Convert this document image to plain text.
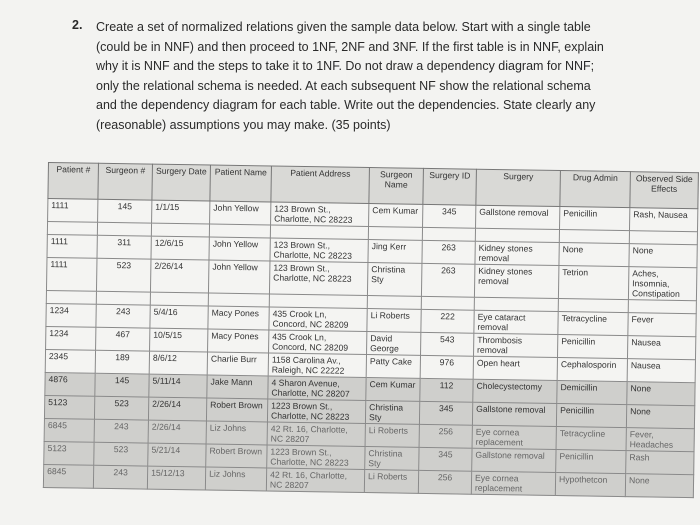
2. Create a set of normalized relations given the sample data below. Start with a single table
(could be in NNF) and then proceed to 1NF, 2NF and 3NF. If the first table is in NNF, explain
why it is NNF and the steps to take it to 1NF. Do not draw a dependency diagram for NNF;
only the relational schema is needed. At each subsequent NF show the relational schema
and the dependency diagram for each table. Write out the dependencies. State clearly any
(reasonable) assumptions you may make. (35 points)
Patient #	Surgeon #	Surgery Date	Patient Name	Patient Address	Surgeon Name	Surgery ID	Surgery	Drug Admin	Observed Side Effects
1111	145	1/1/15	John Yellow	123 Brown St., Charlotte, NC 28223	Cem Kumar	345	Gallstone removal	Penicillin	Rash, Nausea

1111	311	12/6/15	John Yellow	123 Brown St., Charlotte, NC 28223	Jing Kerr	263	Kidney stones removal	None	None
1111	523	2/26/14	John Yellow	123 Brown St., Charlotte, NC 28223	Christina Sty	263	Kidney stones removal	Tetrion	Aches, Insomnia, Constipation

1234	243	5/4/16	Macy Pones	435 Crook Ln, Concord, NC 28209	Li Roberts	222	Eye cataract removal	Tetracycline	Fever
1234	467	10/5/15	Macy Pones	435 Crook Ln, Concord, NC 28209	David George	543	Thrombosis removal	Penicillin	Nausea
2345	189	8/6/12	Charlie Burr	1158 Carolina Av., Raleigh, NC 22222	Patty Cake	976	Open heart	Cephalosporin	Nausea
4876	145	5/11/14	Jake Mann	4 Sharon Avenue, Charlotte, NC 28207	Cem Kumar	112	Cholecystectomy	Demicillin	None
5123	523	2/26/14	Robert Brown	1223 Brown St., Charlotte, NC 28223	Christina Sty	345	Gallstone removal	Penicillin	None
6845	243	2/26/14	Liz Johns	42 Rt. 16, Charlotte, NC 28207	Li Roberts	256	Eye cornea replacement	Tetracycline	Fever, Headaches
5123	523	5/21/14	Robert Brown	1223 Brown St., Charlotte, NC 28223	Christina Sty	345	Gallstone removal	Penicillin	Rash
6845	243	15/12/13	Liz Johns	42 Rt. 16, Charlotte, NC 28207	Li Roberts	256	Eye cornea replacement	Hypothetcon	None
